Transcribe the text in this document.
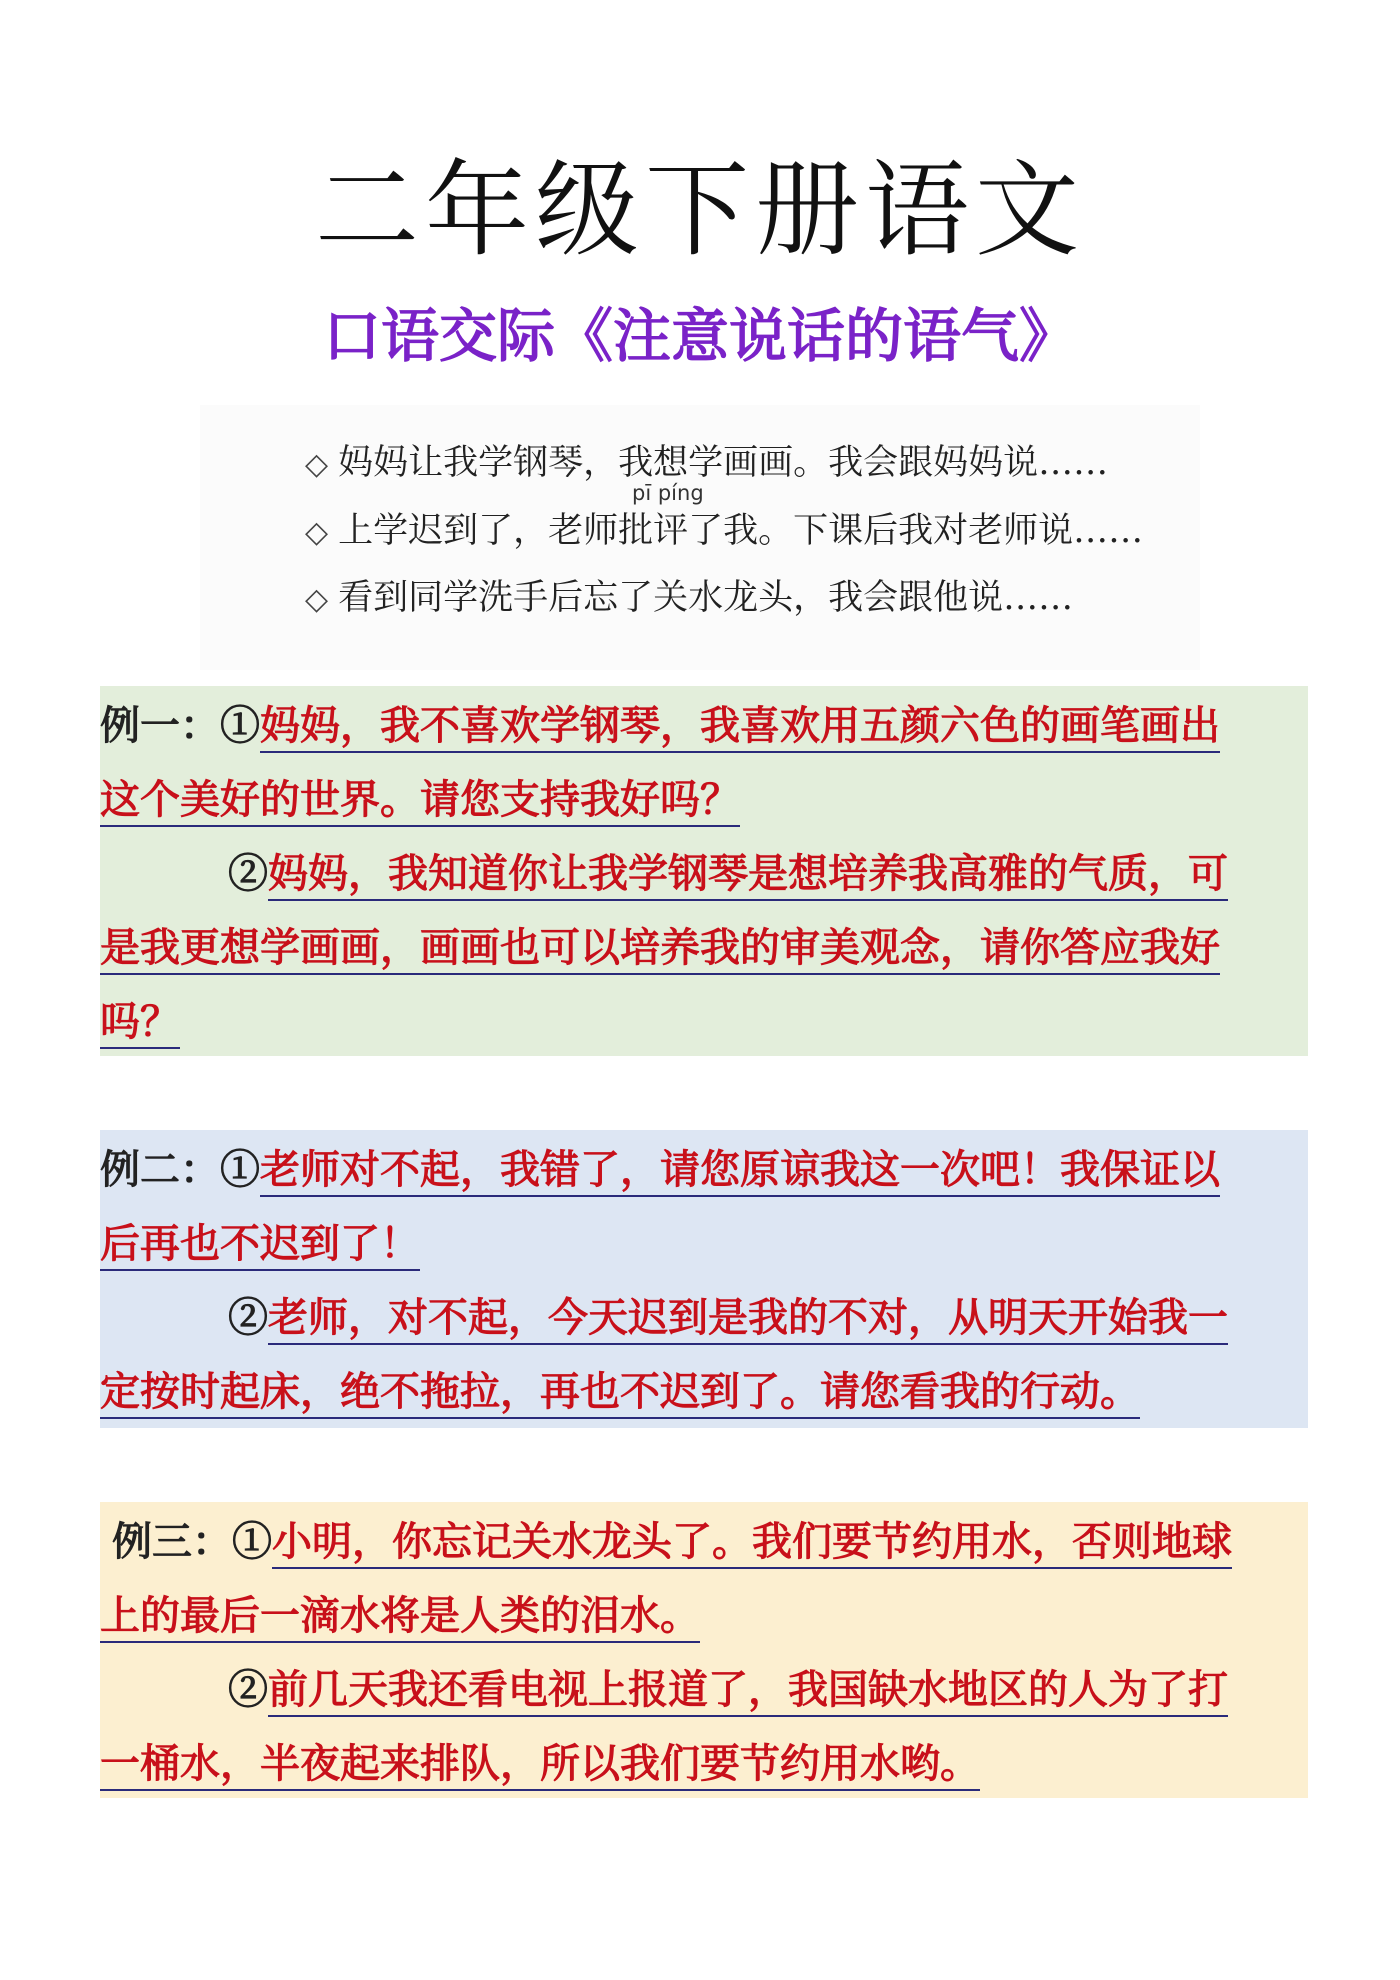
二年级下册语文
口语交际《注意说话的语气》
◇ 妈妈让我学钢琴，我想学画画。我会跟妈妈说……
pī píng
◇ 上学迟到了，老师批评了我。下课后我对老师说……
◇ 看到同学洗手后忘了关水龙头，我会跟他说……
例一：①妈妈，我不喜欢学钢琴，我喜欢用五颜六色的画笔画出
这个美好的世界。请您支持我好吗？
②妈妈，我知道你让我学钢琴是想培养我高雅的气质，可
是我更想学画画，画画也可以培养我的审美观念，请你答应我好
吗？
例二：①老师对不起，我错了，请您原谅我这一次吧！我保证以
后再也不迟到了！
②老师，对不起，今天迟到是我的不对，从明天开始我一
定按时起床，绝不拖拉，再也不迟到了。请您看我的行动。
例三：①小明，你忘记关水龙头了。我们要节约用水，否则地球
上的最后一滴水将是人类的泪水。
②前几天我还看电视上报道了，我国缺水地区的人为了打
一桶水，半夜起来排队，所以我们要节约用水哟。
